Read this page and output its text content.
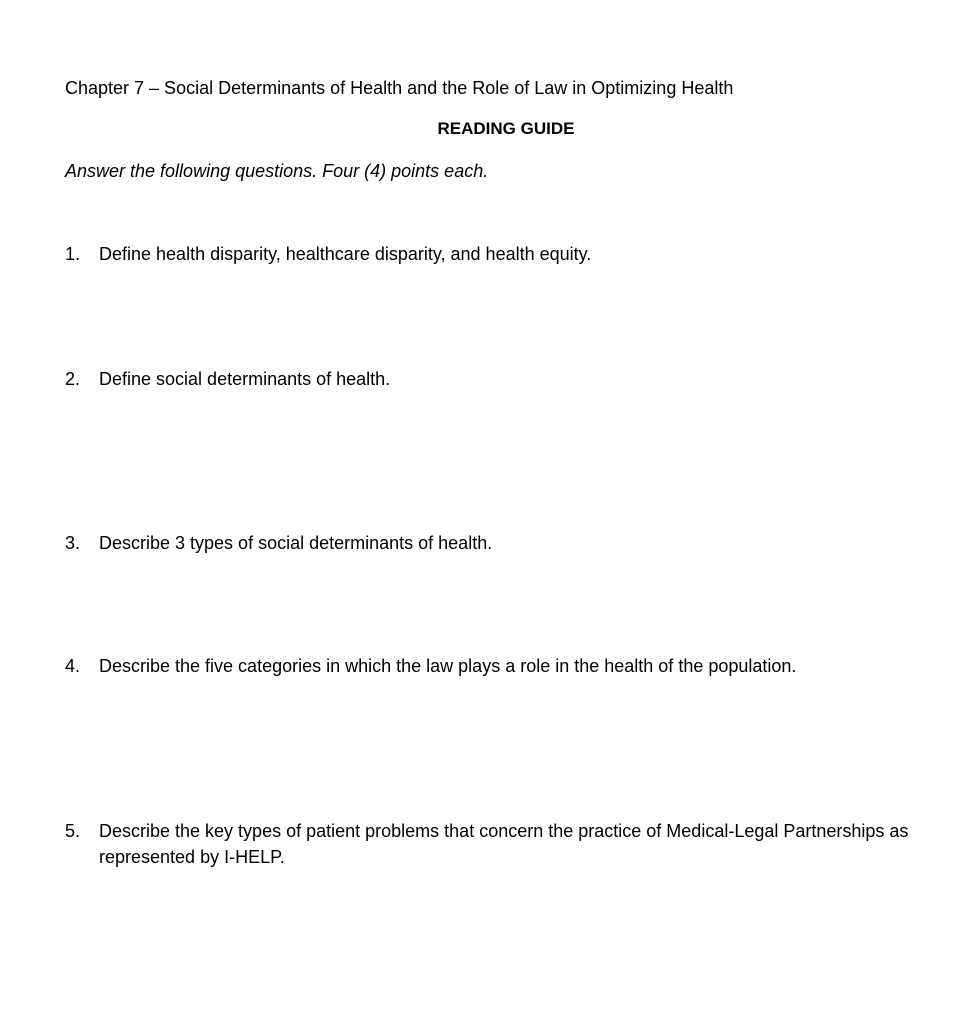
Chapter 7 – Social Determinants of Health and the Role of Law in Optimizing Health
READING GUIDE
Answer the following questions. Four (4) points each.
1.	Define health disparity, healthcare disparity, and health equity.
2.	Define social determinants of health.
3.	Describe 3 types of social determinants of health.
4.	Describe the five categories in which the law plays a role in the health of the population.
5.	Describe the key types of patient problems that concern the practice of Medical-Legal Partnerships as represented by I-HELP.
